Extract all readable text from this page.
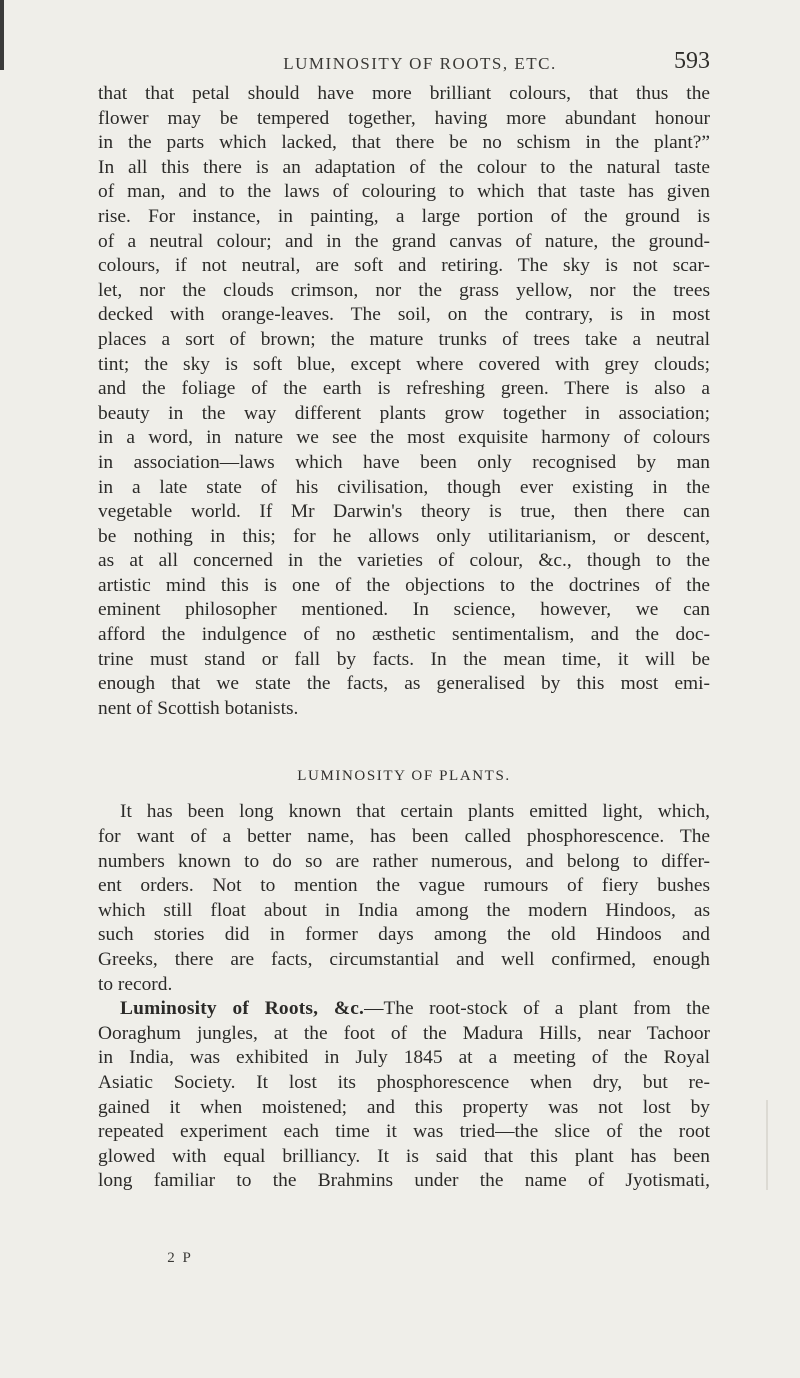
LUMINOSITY OF ROOTS, ETC.	593
that that petal should have more brilliant colours, that thus the
flower may be tempered together, having more abundant honour
in the parts which lacked, that there be no schism in the plant?”
In all this there is an adaptation of the colour to the natural taste
of man, and to the laws of colouring to which that taste has given
rise. For instance, in painting, a large portion of the ground is
of a neutral colour; and in the grand canvas of nature, the ground-
colours, if not neutral, are soft and retiring. The sky is not scar-
let, nor the clouds crimson, nor the grass yellow, nor the trees
decked with orange-leaves. The soil, on the contrary, is in most
places a sort of brown; the mature trunks of trees take a neutral
tint; the sky is soft blue, except where covered with grey clouds;
and the foliage of the earth is refreshing green. There is also a
beauty in the way different plants grow together in association;
in a word, in nature we see the most exquisite harmony of colours
in association—laws which have been only recognised by man
in a late state of his civilisation, though ever existing in the
vegetable world. If Mr Darwin's theory is true, then there can
be nothing in this; for he allows only utilitarianism, or descent,
as at all concerned in the varieties of colour, &c., though to the
artistic mind this is one of the objections to the doctrines of the
eminent philosopher mentioned. In science, however, we can
afford the indulgence of no æsthetic sentimentalism, and the doc-
trine must stand or fall by facts. In the mean time, it will be
enough that we state the facts, as generalised by this most emi-
nent of Scottish botanists.
LUMINOSITY OF PLANTS.
It has been long known that certain plants emitted light, which,
for want of a better name, has been called phosphorescence. The
numbers known to do so are rather numerous, and belong to differ-
ent orders. Not to mention the vague rumours of fiery bushes
which still float about in India among the modern Hindoos, as
such stories did in former days among the old Hindoos and
Greeks, there are facts, circumstantial and well confirmed, enough
to record.
Luminosity of Roots, &c.—The root-stock of a plant from the
Ooraghum jungles, at the foot of the Madura Hills, near Tachoor
in India, was exhibited in July 1845 at a meeting of the Royal
Asiatic Society. It lost its phosphorescence when dry, but re-
gained it when moistened; and this property was not lost by
repeated experiment each time it was tried—the slice of the root
glowed with equal brilliancy. It is said that this plant has been
long familiar to the Brahmins under the name of Jyotismati,
2 P
